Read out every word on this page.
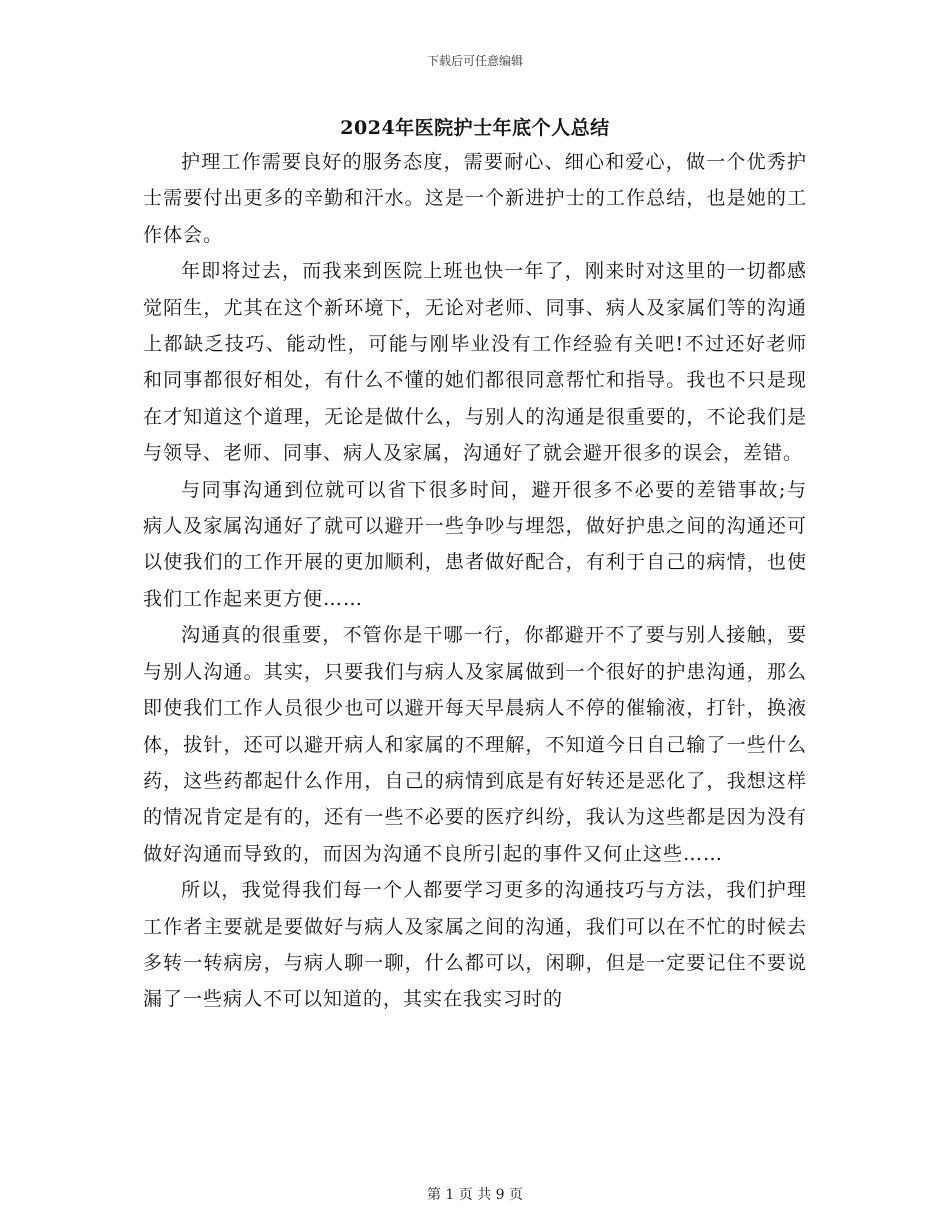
下载后可任意编辑
2024年医院护士年底个人总结

护理工作需要良好的服务态度，需要耐心、细心和爱心，做一个优秀护士需要付出更多的辛勤和汗水。这是一个新进护士的工作总结，也是她的工作体会。

年即将过去，而我来到医院上班也快一年了，刚来时对这里的一切都感觉陌生，尤其在这个新环境下，无论对老师、同事、病人及家属们等的沟通上都缺乏技巧、能动性，可能与刚毕业没有工作经验有关吧!不过还好老师和同事都很好相处，有什么不懂的她们都很同意帮忙和指导。我也不只是现在才知道这个道理，无论是做什么，与别人的沟通是很重要的，不论我们是与领导、老师、同事、病人及家属，沟通好了就会避开很多的误会，差错。

与同事沟通到位就可以省下很多时间，避开很多不必要的差错事故;与病人及家属沟通好了就可以避开一些争吵与埋怨，做好护患之间的沟通还可以使我们的工作开展的更加顺利，患者做好配合，有利于自己的病情，也使我们工作起来更方便……

沟通真的很重要，不管你是干哪一行，你都避开不了要与别人接触，要与别人沟通。其实，只要我们与病人及家属做到一个很好的护患沟通，那么即使我们工作人员很少也可以避开每天早晨病人不停的催输液，打针，换液体，拔针，还可以避开病人和家属的不理解，不知道今日自己输了一些什么药，这些药都起什么作用，自己的病情到底是有好转还是恶化了，我想这样的情况肯定是有的，还有一些不必要的医疗纠纷，我认为这些都是因为没有做好沟通而导致的，而因为沟通不良所引起的事件又何止这些……

所以，我觉得我们每一个人都要学习更多的沟通技巧与方法，我们护理工作者主要就是要做好与病人及家属之间的沟通，我们可以在不忙的时候去多转一转病房，与病人聊一聊，什么都可以，闲聊，但是一定要记住不要说漏了一些病人不可以知道的，其实在我实习时的

第 1 页 共 9 页
